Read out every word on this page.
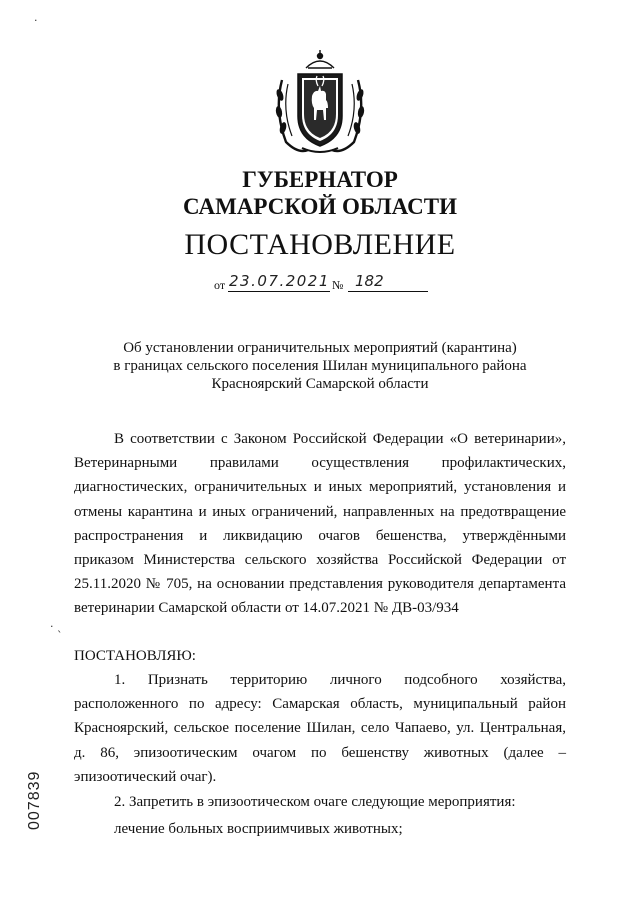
ГУБЕРНАТОР
САМАРСКОЙ ОБЛАСТИ
ПОСТАНОВЛЕНИЕ
от 23.07.2021 № 182
Об установлении ограничительных мероприятий (карантина)
в границах сельского поселения Шилан муниципального района
Красноярский Самарской области

В соответствии с Законом Российской Федерации «О ветеринарии», Ветеринарными правилами осуществления профилактических, диагностических, ограничительных и иных мероприятий, установления и отмены карантина и иных ограничений, направленных на предотвращение распространения и ликвидацию очагов бешенства, утверждёнными приказом Министерства сельского хозяйства Российской Федерации от 25.11.2020 № 705, на основании представления руководителя департамента ветеринарии Самарской области от 14.07.2021 № ДВ-03/934

ПОСТАНОВЛЯЮ:

1. Признать территорию личного подсобного хозяйства, расположенного по адресу: Самарская область, муниципальный район Красноярский, сельское поселение Шилан, село Чапаево, ул. Центральная, д. 86, эпизоотическим очагом по бешенству животных (далее – эпизоотический очаг).

2. Запретить в эпизоотическом очаге следующие мероприятия:

лечение больных восприимчивых животных;

007839
·
· ˎ
